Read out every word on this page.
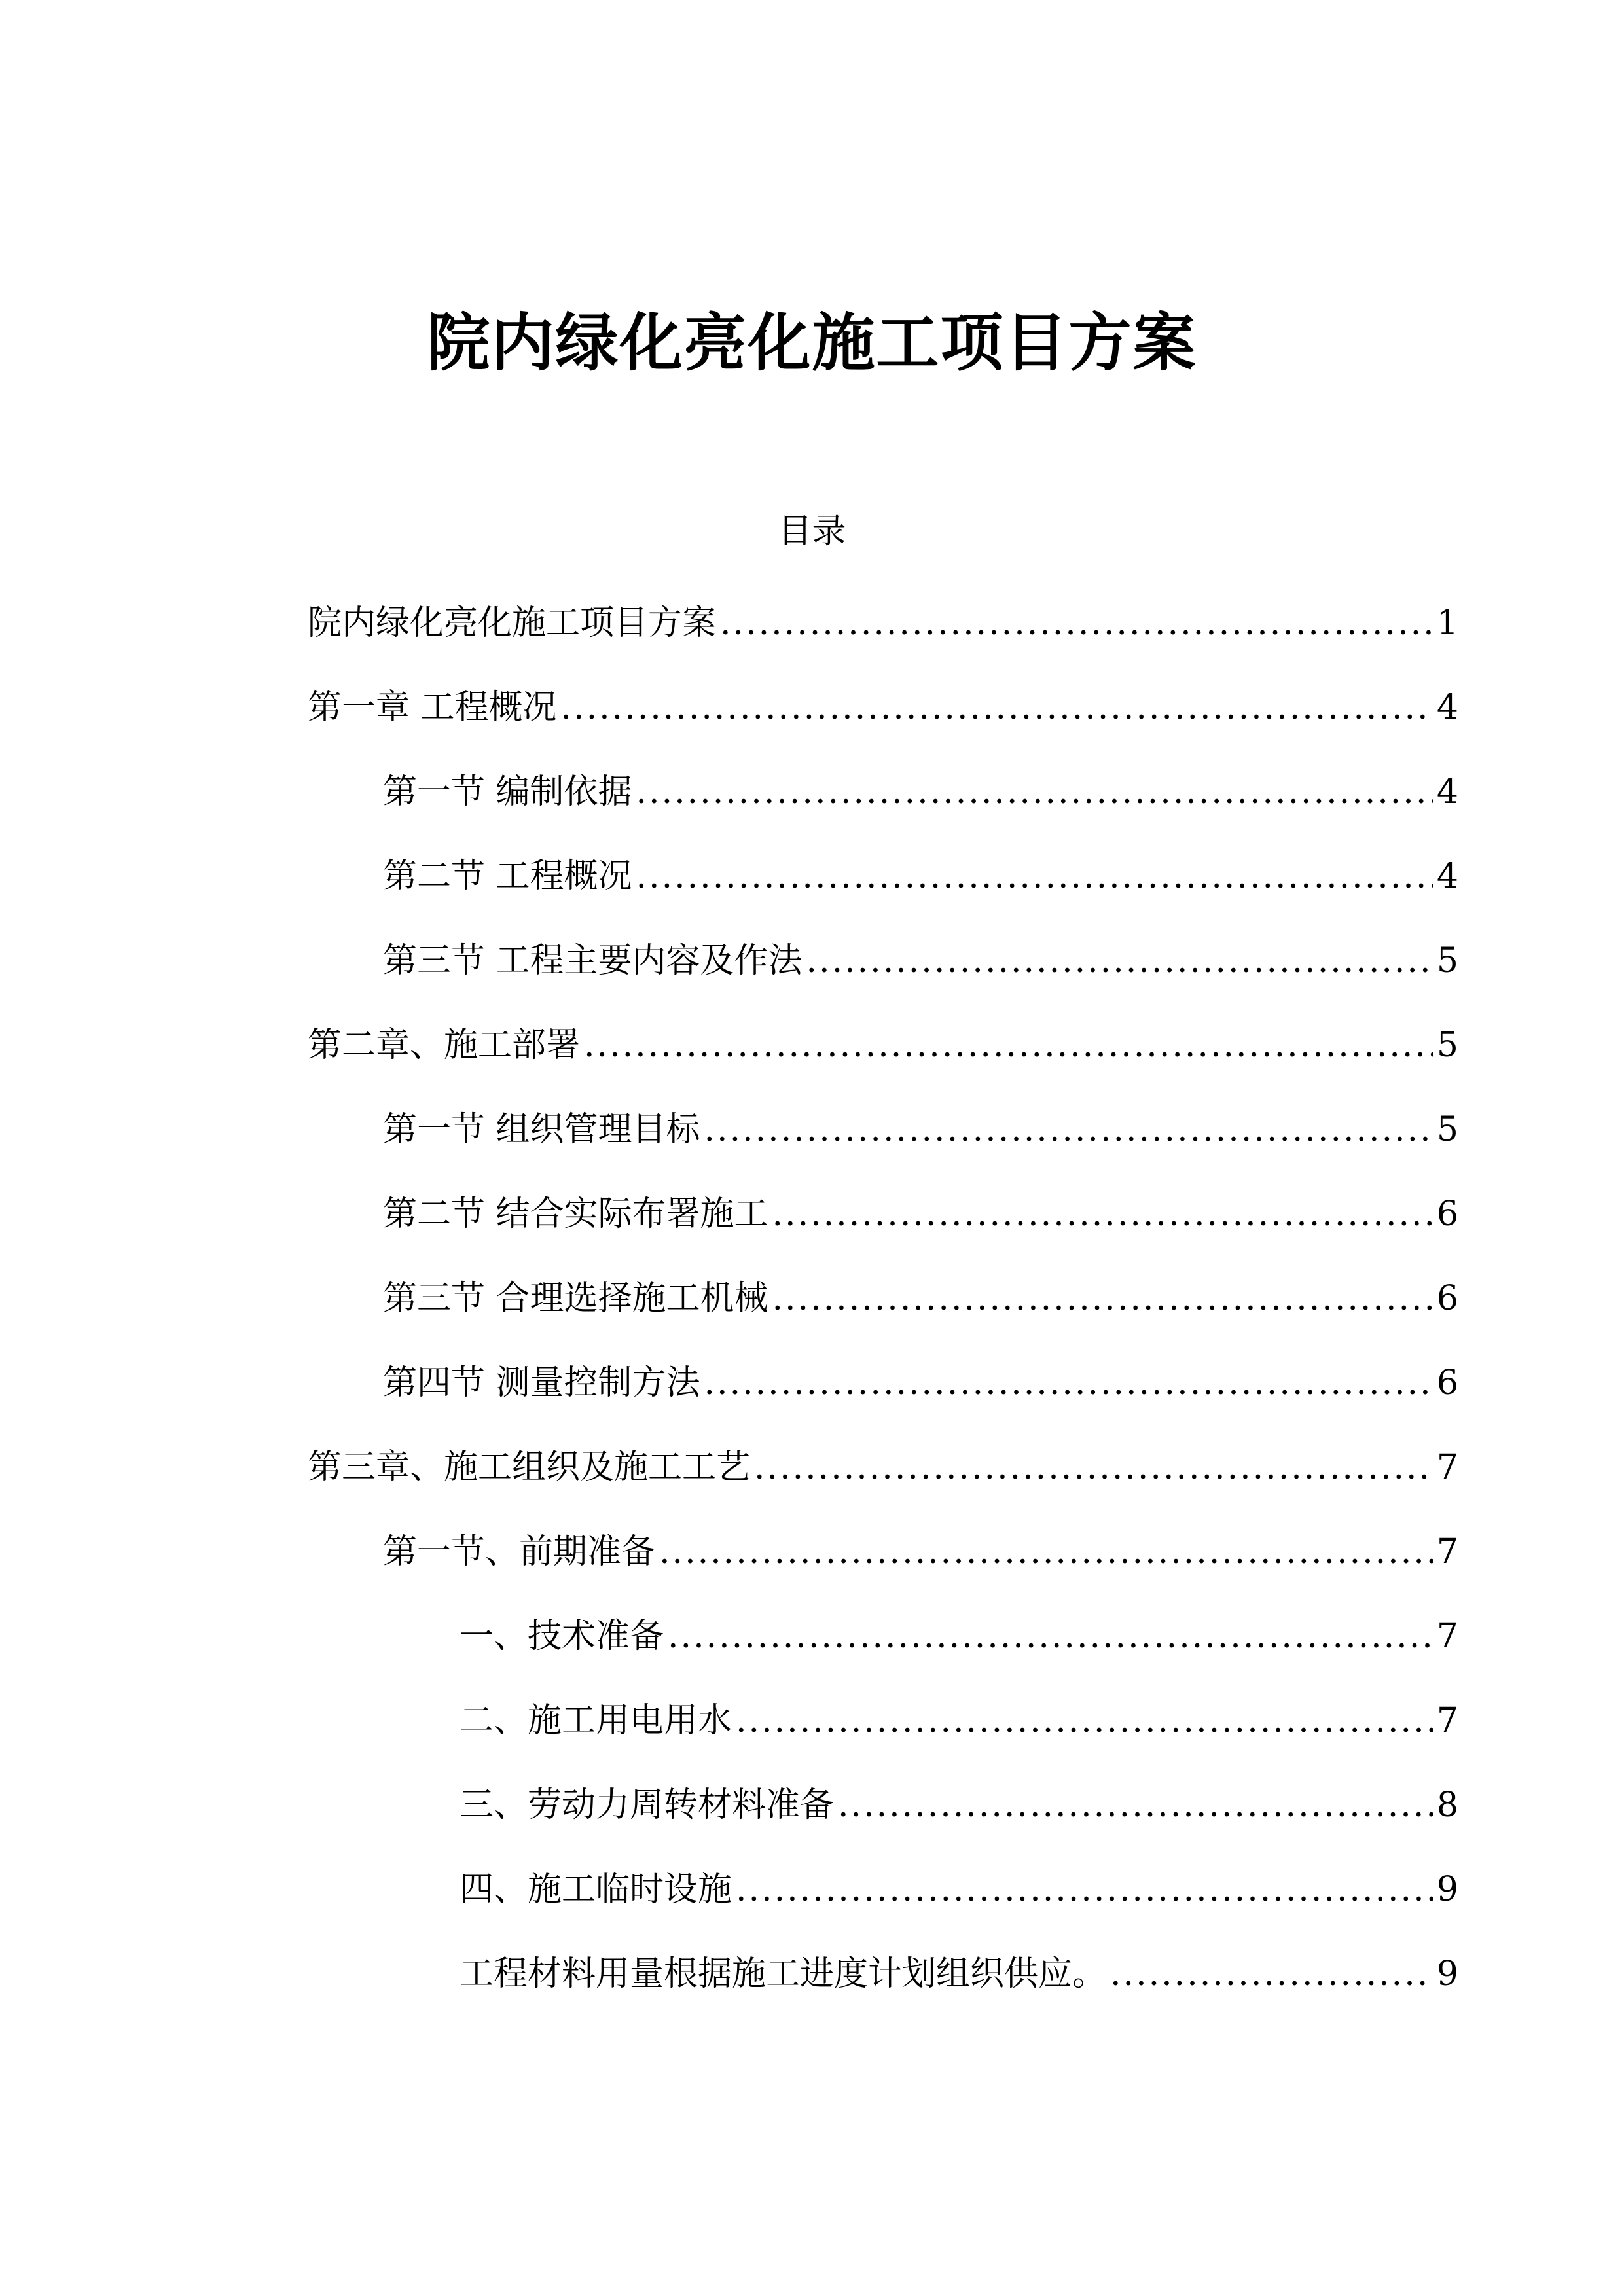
院内绿化亮化施工项目方案
目录
院内绿化亮化施工项目方案 .....	1
第一章 工程概况 .....	4
第一节 编制依据 .....	4
第二节 工程概况 .....	4
第三节 工程主要内容及作法 .....	5
第二章、施工部署 .....	5
第一节 组织管理目标 .....	5
第二节 结合实际布署施工 .....	6
第三节 合理选择施工机械 .....	6
第四节 测量控制方法 .....	6
第三章、施工组织及施工工艺 .....	7
第一节、前期准备 .....	7
一、技术准备 .....	7
二、施工用电用水 .....	7
三、劳动力周转材料准备 .....	8
四、施工临时设施 .....	9
工程材料用量根据施工进度计划组织供应。 .....	9
